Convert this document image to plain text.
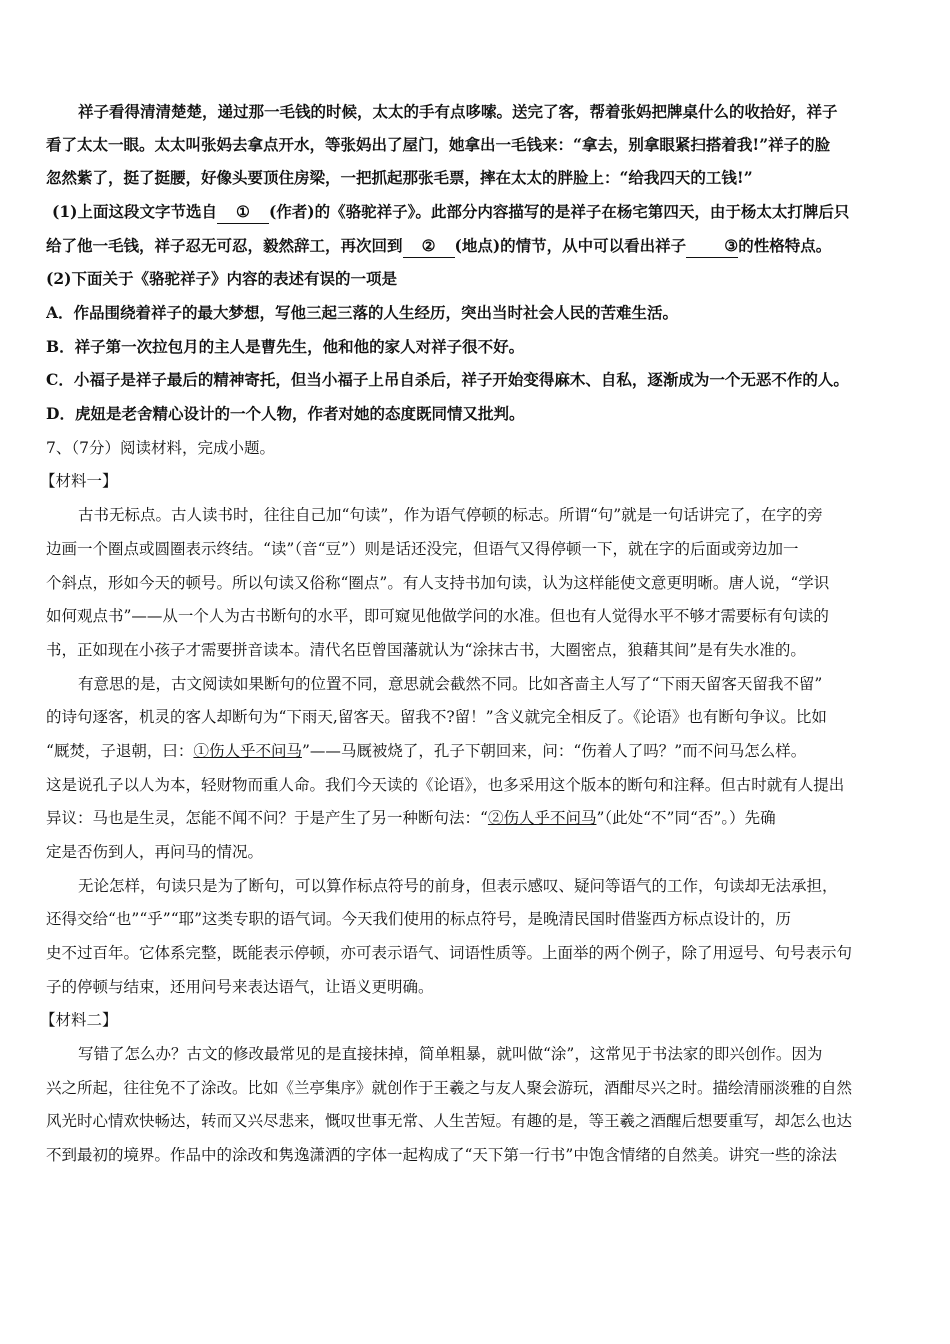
祥子看得清清楚楚，递过那一毛钱的时候，太太的手有点哆嗦。送完了客，帮着张妈把牌桌什么的收拾好，祥子
看了太太一眼。太太叫张妈去拿点开水，等张妈出了屋门，她拿出一毛钱来：“拿去，别拿眼紧扫搭着我!”祥子的脸
忽然紫了，挺了挺腰，好像头要顶住房梁，一把抓起那张毛票，摔在太太的胖脸上：“给我四天的工钱!”
(1)上面这段文字节选自 ① (作者)的《骆驼祥子》。此部分内容描写的是祥子在杨宅第四天，由于杨太太打牌后只
给了他一毛钱，祥子忍无可忍，毅然辞工，再次回到 ② (地点)的情节，从中可以看出祥子 ③的性格特点。
(2)下面关于《骆驼祥子》内容的表述有误的一项是
A．作品围绕着祥子的最大梦想，写他三起三落的人生经历，突出当时社会人民的苦难生活。
B．祥子第一次拉包月的主人是曹先生，他和他的家人对祥子很不好。
C．小福子是祥子最后的精神寄托，但当小福子上吊自杀后，祥子开始变得麻木、自私，逐渐成为一个无恶不作的人。
D．虎妞是老舍精心设计的一个人物，作者对她的态度既同情又批判。
7、（7分）阅读材料，完成小题。
【材料一】
古书无标点。古人读书时，往往自己加“句读”，作为语气停顿的标志。所谓“句”就是一句话讲完了，在字的旁
边画一个圈点或圆圈表示终结。“读”（音“豆”）则是话还没完，但语气又得停顿一下，就在字的后面或旁边加一
个斜点，形如今天的顿号。所以句读又俗称“圈点”。有人支持书加句读，认为这样能使文意更明晰。唐人说，“学识
如何观点书”——从一个人为古书断句的水平，即可窥见他做学问的水准。但也有人觉得水平不够才需要标有句读的
书，正如现在小孩子才需要拼音读本。清代名臣曾国藩就认为“涂抹古书，大圈密点，狼藉其间”是有失水准的。
有意思的是，古文阅读如果断句的位置不同，意思就会截然不同。比如吝啬主人写了“下雨天留客天留我不留”
的诗句逐客，机灵的客人却断句为“下雨天,留客天。留我不?留！”含义就完全相反了。《论语》也有断句争议。比如
“厩焚，子退朝，曰：①伤人乎不问马”——马厩被烧了，孔子下朝回来，问：“伤着人了吗？”而不问马怎么样。
这是说孔子以人为本，轻财物而重人命。我们今天读的《论语》，也多采用这个版本的断句和注释。但古时就有人提出
异议：马也是生灵，怎能不闻不问？于是产生了另一种断句法：“②伤人乎不问马”（此处“不”同“否”。）先确
定是否伤到人，再问马的情况。
无论怎样，句读只是为了断句，可以算作标点符号的前身，但表示感叹、疑问等语气的工作，句读却无法承担，
还得交给“也”“乎”“耶”这类专职的语气词。今天我们使用的标点符号，是晚清民国时借鉴西方标点设计的，历
史不过百年。它体系完整，既能表示停顿，亦可表示语气、词语性质等。上面举的两个例子，除了用逗号、句号表示句
子的停顿与结束，还用问号来表达语气，让语义更明确。
【材料二】
写错了怎么办？古文的修改最常见的是直接抹掉，简单粗暴，就叫做“涂”，这常见于书法家的即兴创作。因为
兴之所起，往往免不了涂改。比如《兰亭集序》就创作于王羲之与友人聚会游玩，酒酣尽兴之时。描绘清丽淡雅的自然
风光时心情欢快畅达，转而又兴尽悲来，慨叹世事无常、人生苦短。有趣的是，等王羲之酒醒后想要重写，却怎么也达
不到最初的境界。作品中的涂改和隽逸潇洒的字体一起构成了“天下第一行书”中饱含情绪的自然美。讲究一些的涂法
